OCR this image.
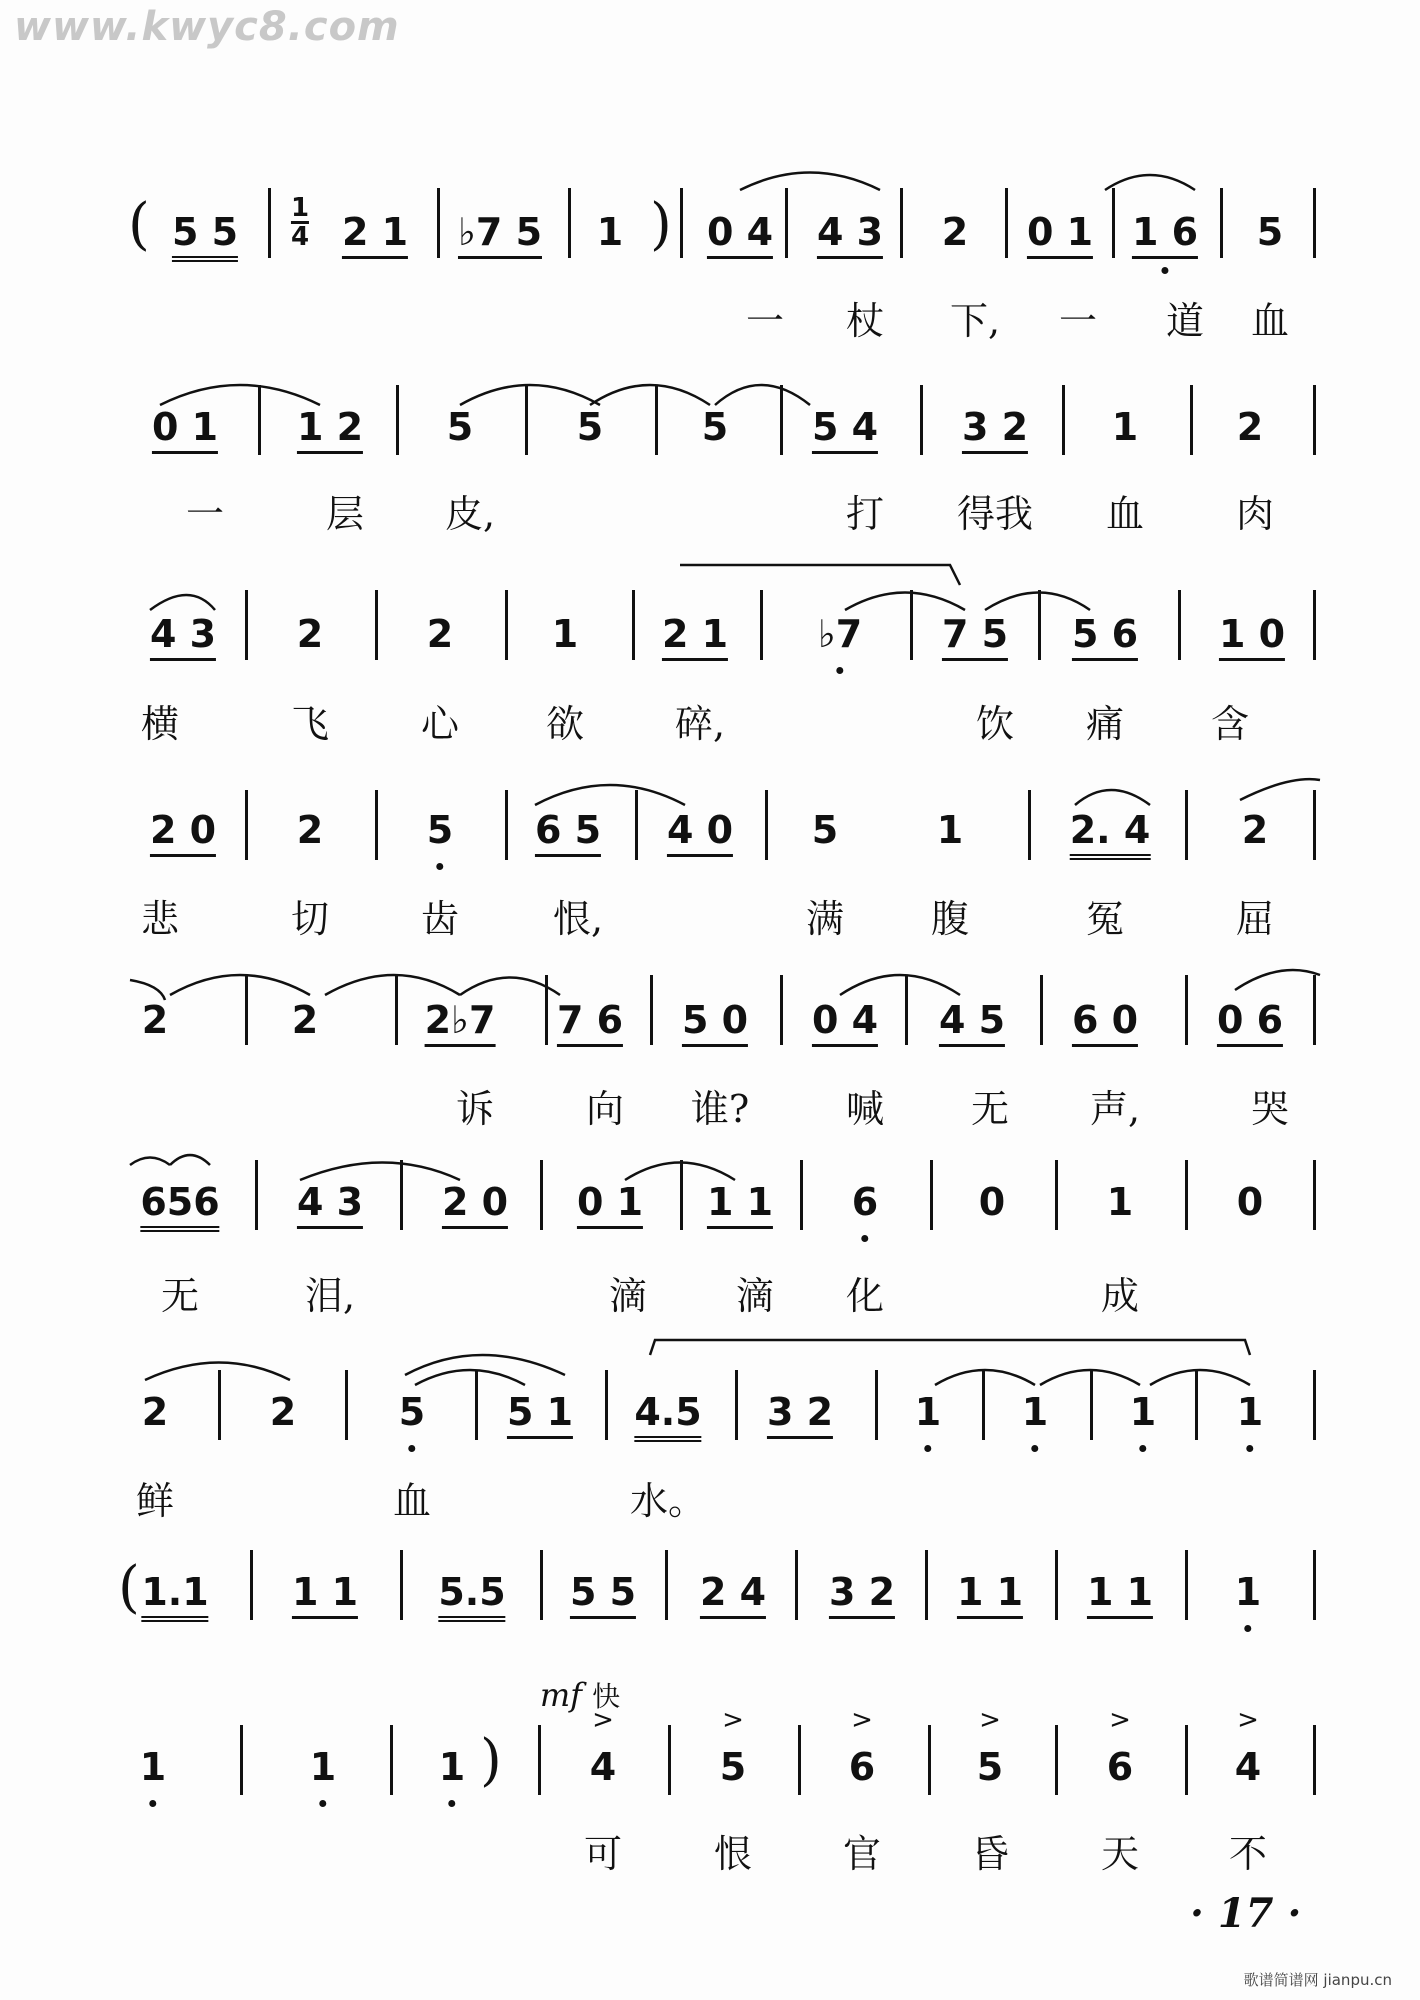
www.kwyc8.com
( 5 $5 \frac{1}{4} 2$ 1 ♭7 5 1 ) 0 4 4 3 2 0 1 1 6 5
一 杖 下, 一 道 血
0 1 1 2 5	5	5 5 4 3 2 1	2
一	层 皮,	打 得我 血 肉
4 3 2	2	1 2 1 ♭7 7 5 5 6 1 0
横	飞 心 欲 碎,	饮 痛 含
2 0 2	5 6 5 4 0 5	1	2. 4 2
悲	切 齿 恨,	满 腹	冤	屈
2	2	2♭7 7 6 5 0 0 4 4 5 6 0 0 6
诉 向 谁?	喊 无 声,	哭
656 4 3 2 0 0 1 1 1 6	0	1	0
无	泪,	滴 滴 化	成
2	2	5 5 1 4.5 3 2 1 1 1 1
鲜	血	水。
( 1.1 1 1 5.5 5 5 2 4 3 2 1 1 1 1 1
mf 快
1	1	1 )
>
4
>
5
>
6
>
5
>
6
>
4
可 恨 官 昏 天 不
· 17 ·
歌谱简谱网 jianpu.cn
